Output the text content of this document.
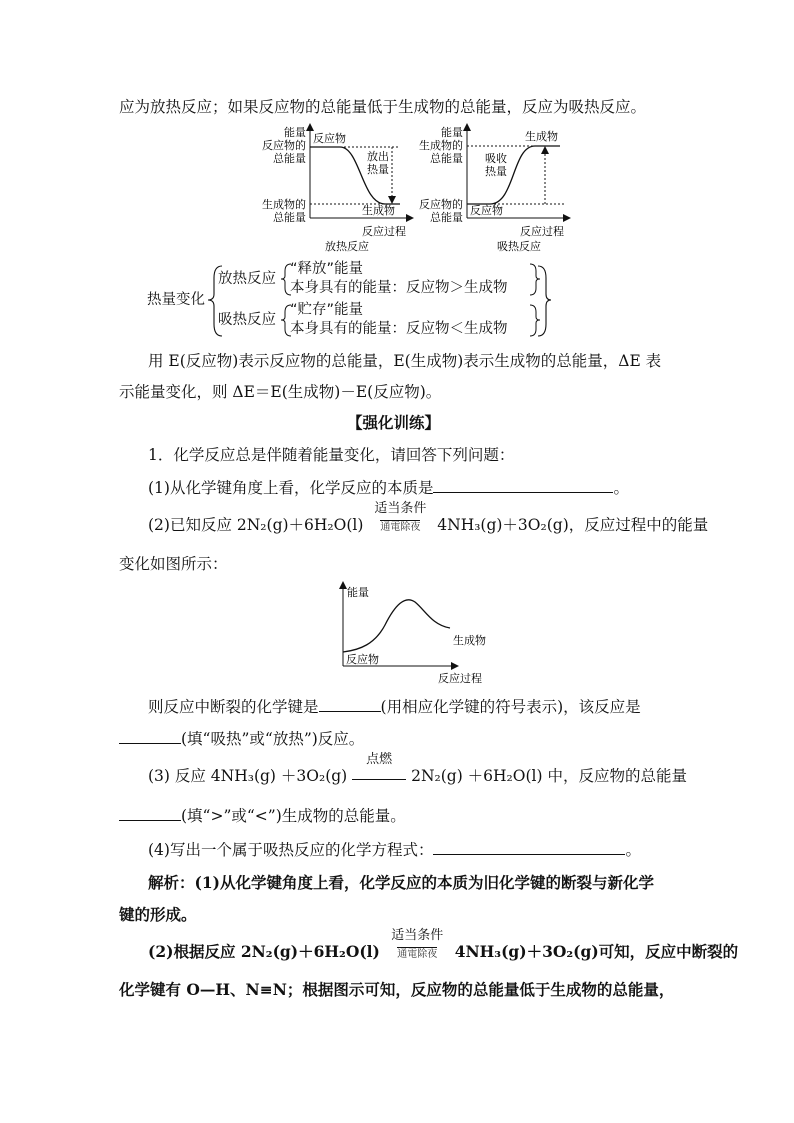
应为放热反应；如果反应物的总能量低于生成物的总能量，反应为吸热反应。
能量
反应物的
总能量
生成物的
总能量
反应物
生成物
放出
热量
反应过程
放热反应
能量
生成物的
总能量
反应物的
总能量
反应物
生成物
吸收
热量
反应过程
吸热反应
热量变化
放热反应
吸热反应
“释放”能量
本身具有的能量：反应物＞生成物
“贮存”能量
本身具有的能量：反应物＜生成物
用 E(反应物)表示反应物的总能量，E(生成物)表示生成物的总能量，ΔE 表
示能量变化，则 ΔE＝E(生成物)－E(反应物)。
【强化训练】
1．化学反应总是伴随着能量变化，请回答下列问题：
(1)从化学键角度上看，化学反应的本质是	。
(2)已知反应 2N₂(g)＋6H₂O(l)
适当条件
通電除夜 4NH₃(g)＋3O₂(g)，反应过程中的能量
变化如图所示：
能量
反应物
生成物
反应过程
则反应中断裂的化学键是	(用相应化学键的符号表示)，该反应是
(填“吸热”或“放热”)反应。
(3) 反应 4NH₃(g) ＋3O₂(g)
点燃
2N₂(g) ＋6H₂O(l) 中，反应物的总能量
(填“>”或“<”)生成物的总能量。
(4)写出一个属于吸热反应的化学方程式：	。
解析：(1)从化学键角度上看，化学反应的本质为旧化学键的断裂与新化学
键的形成。
(2)根据反应 2N₂(g)＋6H₂O(l)
适当条件
通電除夜 4NH₃(g)＋3O₂(g)可知，反应中断裂的
化学键有 O—H、N≡N；根据图示可知，反应物的总能量低于生成物的总能量，
